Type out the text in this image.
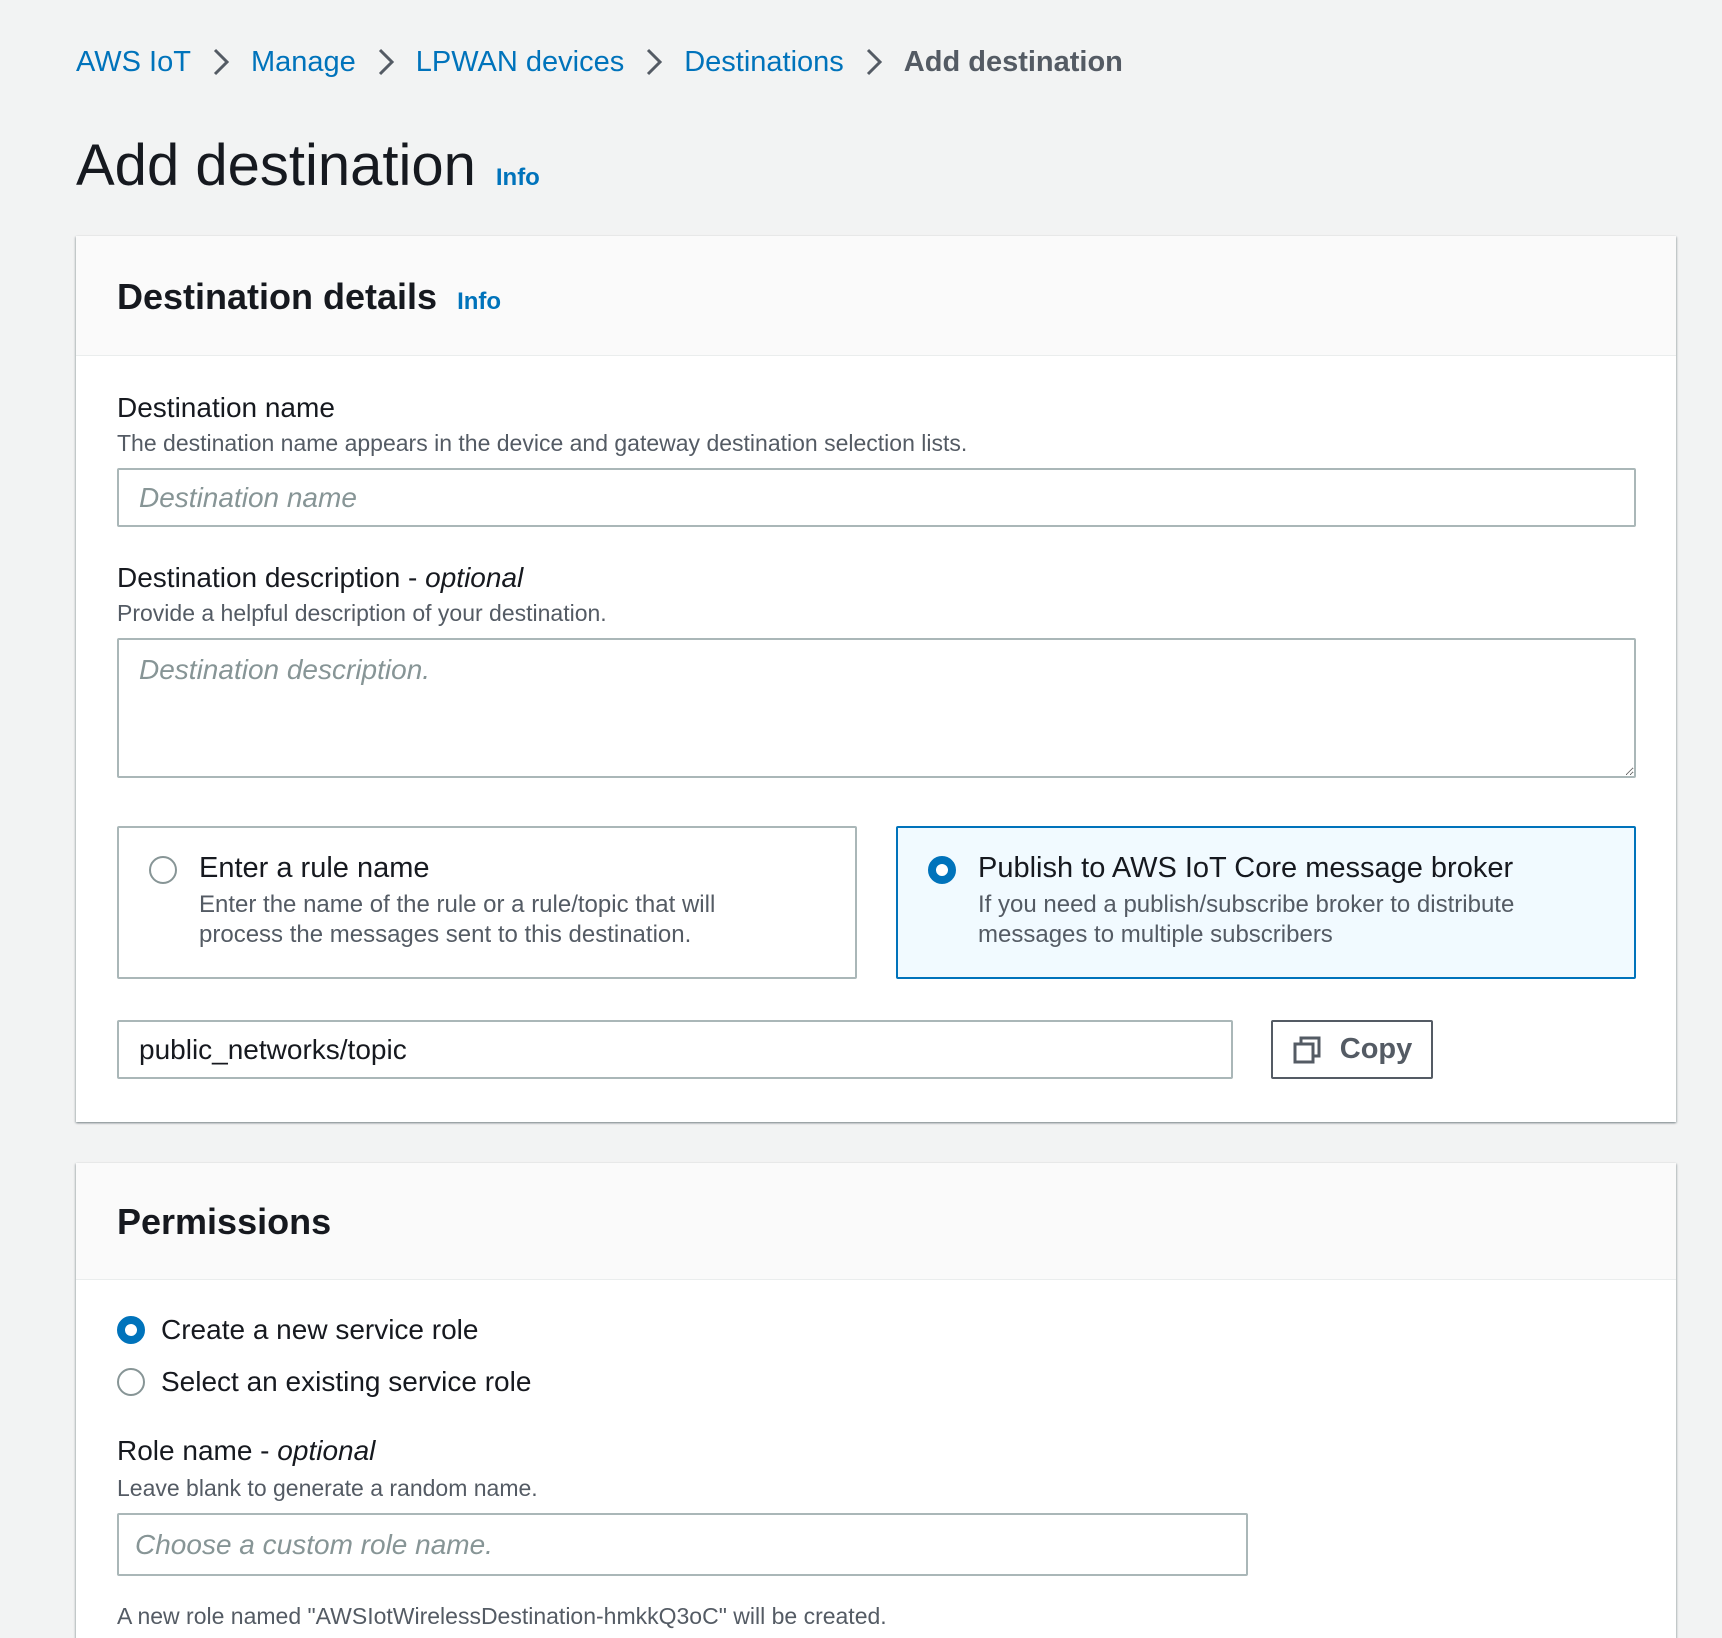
AWS IoT Manage LPWAN devices Destinations Add destination
Add destination Info
Destination details Info
Destination name
The destination name appears in the device and gateway destination selection lists.
Destination name
Destination description - optional
Provide a helpful description of your destination.
Destination description.
Enter a rule name
Enter the name of the rule or a rule/topic that will
process the messages sent to this destination.
Publish to AWS IoT Core message broker
If you need a publish/subscribe broker to distribute
messages to multiple subscribers
public_networks/topic
Copy
Permissions
Create a new service role
Select an existing service role
Role name - optional
Leave blank to generate a random name.
Choose a custom role name.
A new role named "AWSIotWirelessDestination-hmkkQ3oC" will be created.
